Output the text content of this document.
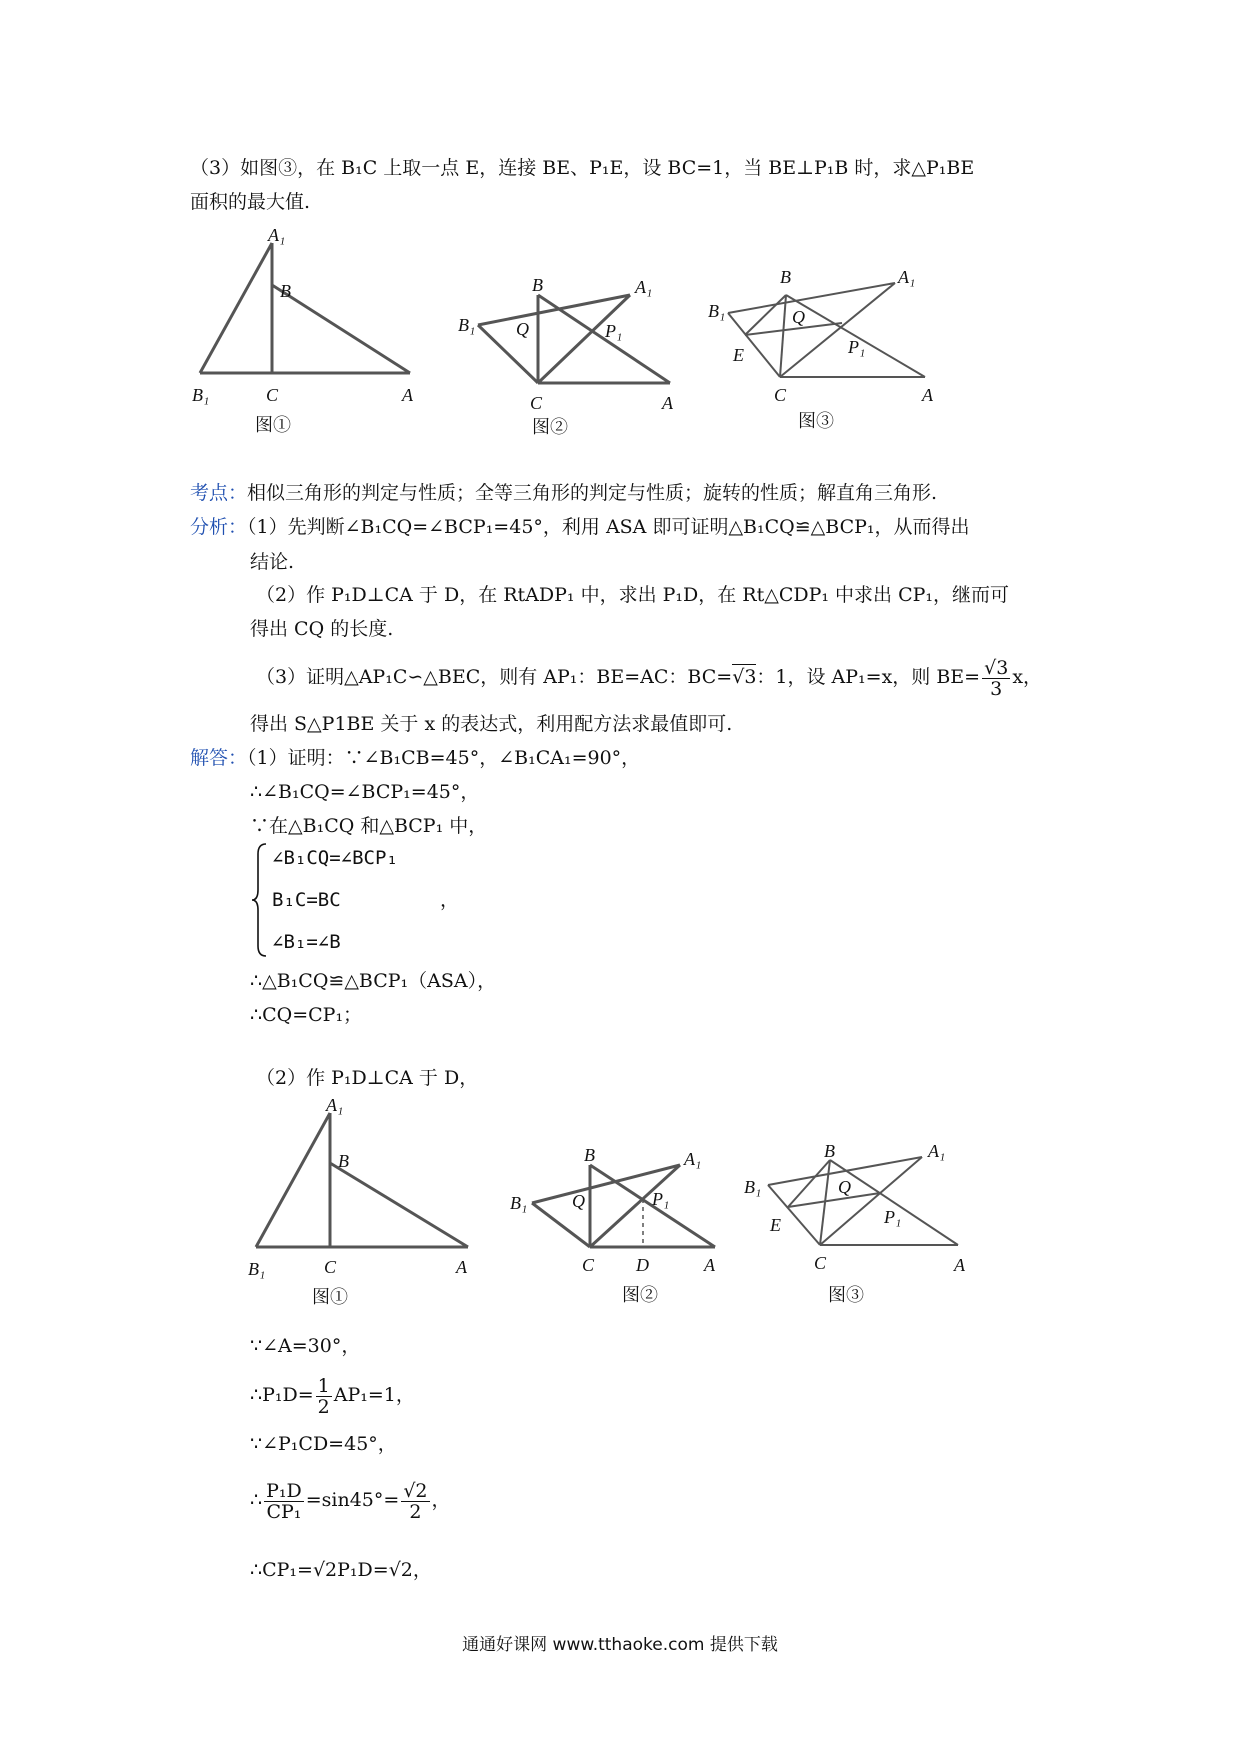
（3）如图③，在 B₁C 上取一点 E，连接 BE、P₁E，设 BC=1，当 BE⊥P₁B 时，求△P₁BE
面积的最大值.
A₁
B
B₁	C	A
图①
B	A₁
B₁ Q	P₁
C	A
图②
B	A₁
B₁	Q
P₁
E
C	A
图③
考点：相似三角形的判定与性质；全等三角形的判定与性质；旋转的性质；解直角三角形.
分析：（1）先判断∠B₁CQ=∠BCP₁=45°，利用 ASA 即可证明△B₁CQ≌△BCP₁，从而得出
结论.
（2）作 P₁D⊥CA 于 D，在 RtADP₁ 中，求出 P₁D，在 Rt△CDP₁ 中求出 CP₁，继而可
得出 CQ 的长度.
（3）证明△AP₁C∽△BEC，则有 AP₁：BE=AC：BC=√3：1，设 AP₁=x，则 $BE= \frac{√3}{3}$ x，
得出 S△P1BE 关于 x 的表达式，利用配方法求最值即可.
解答：（1）证明：∵∠B₁CB=45°，∠B₁CA₁=90°，
∴∠B₁CQ=∠BCP₁=45°，
∵在△B₁CQ 和△BCP₁ 中，
∠B₁CQ=∠BCP₁
B₁C=BC
∠B₁=∠B
，
∴△B₁CQ≌△BCP₁（ASA），
∴CQ=CP₁；
（2）作 P₁D⊥CA 于 D，
A₁
B
B₁	C	A
图①
B	A₁
B₁ Q	P₁
C D	A
图②
B	A₁
B₁	Q
P₁
E
C	A
图③
∵∠A=30°，
∴P₁D= $\frac{1}{2} AP_1=1$，
∵∠P₁CD=45°，
∴ $\frac{\text{P₁D}}{\text{CP₁}} =\sin 45^\circ= \frac{√2}{2}$ ，
∴CP₁=√2P₁D=√2，
通通好课网 www.tthaoke.com 提供下载
